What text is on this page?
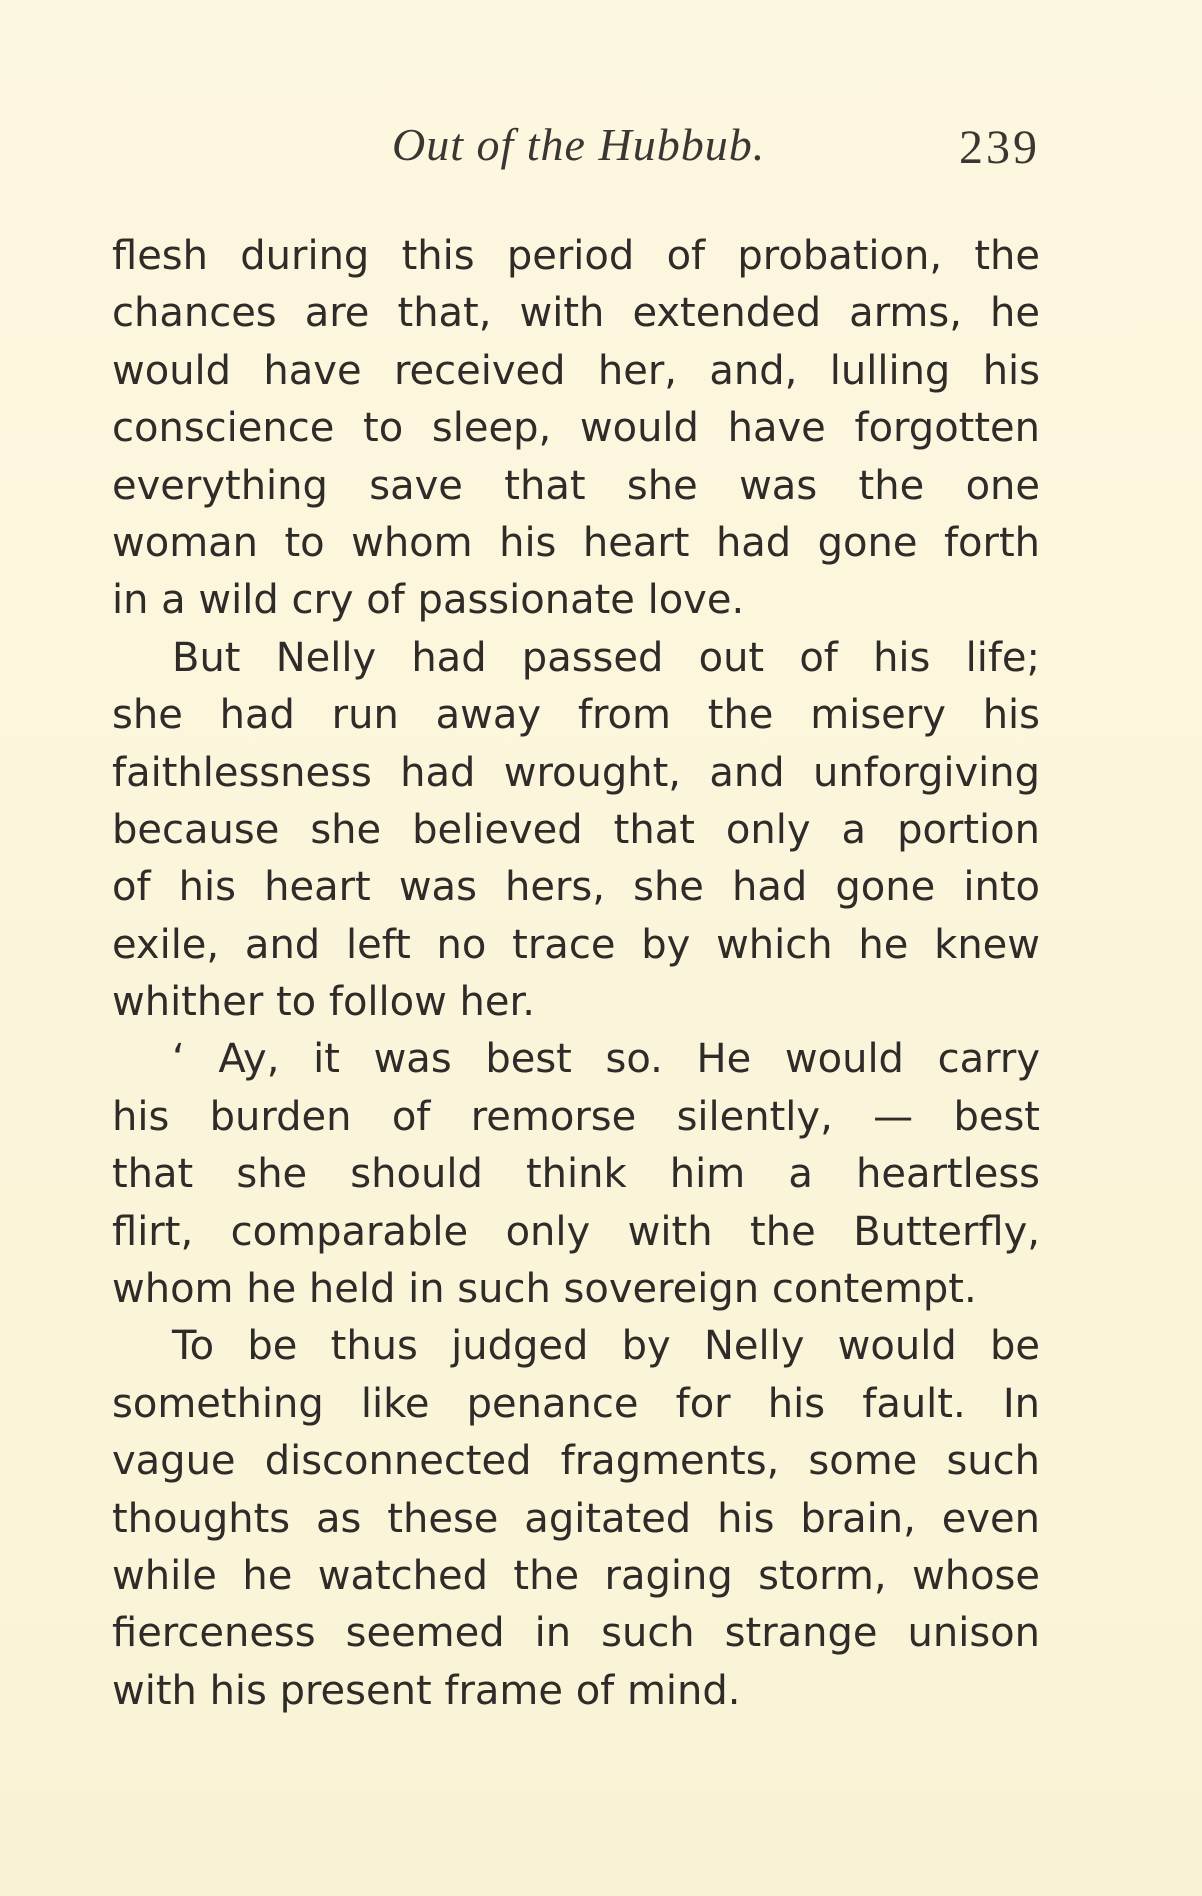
Out of the Hubbub.	239
flesh during this period of probation, the
chances are that, with extended arms, he
would have received her, and, lulling his
conscience to sleep, would have forgotten
everything save that she was the one
woman to whom his heart had gone forth
in a wild cry of passionate love.
But Nelly had passed out of his life;
she had run away from the misery his
faithlessness had wrought, and unforgiving
because she believed that only a portion
of his heart was hers, she had gone into
exile, and left no trace by which he knew
whither to follow her.
‘ Ay, it was best so. He would carry
his burden of remorse silently, — best
that she should think him a heartless
flirt, comparable only with the Butterfly,
whom he held in such sovereign contempt.
To be thus judged by Nelly would be
something like penance for his fault. In
vague disconnected fragments, some such
thoughts as these agitated his brain, even
while he watched the raging storm, whose
fierceness seemed in such strange unison
with his present frame of mind.
